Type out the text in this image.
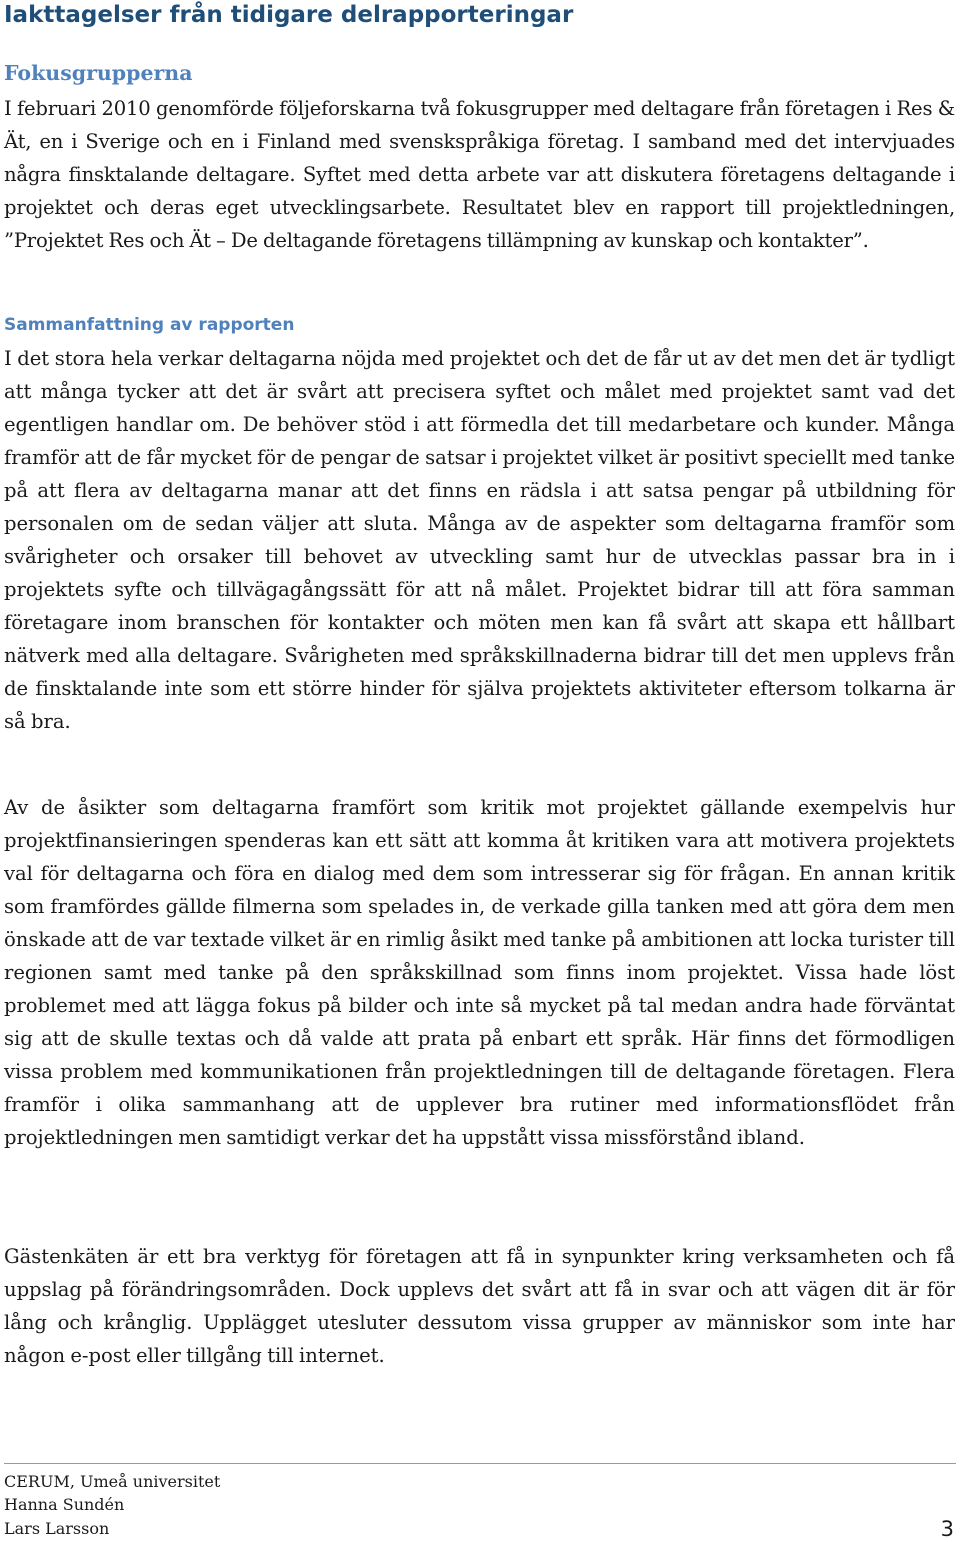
Iakttagelser från tidigare delrapporteringar
Fokusgrupperna

I februari 2010 genomförde följeforskarna två fokusgrupper med deltagare från företagen i Res & Ät, en i Sverige och en i Finland med svenskspråkiga företag. I samband med det intervjuades några finsktalande deltagare. Syftet med detta arbete var att diskutera företagens deltagande i projektet och deras eget utvecklingsarbete. Resultatet blev en rapport till projektledningen, ”Projektet Res och Ät – De deltagande företagens tillämpning av kunskap och kontakter”.

Sammanfattning av rapporten

I det stora hela verkar deltagarna nöjda med projektet och det de får ut av det men det är tydligt att många tycker att det är svårt att precisera syftet och målet med projektet samt vad det egentligen handlar om. De behöver stöd i att förmedla det till medarbetare och kunder. Många framför att de får mycket för de pengar de satsar i projektet vilket är positivt speciellt med tanke på att flera av deltagarna manar att det finns en rädsla i att satsa pengar på utbildning för personalen om de sedan väljer att sluta. Många av de aspekter som deltagarna framför som svårigheter och orsaker till behovet av utveckling samt hur de utvecklas passar bra in i projektets syfte och tillvägagångssätt för att nå målet. Projektet bidrar till att föra samman företagare inom branschen för kontakter och möten men kan få svårt att skapa ett hållbart nätverk med alla deltagare. Svårigheten med språkskillnaderna bidrar till det men upplevs från de finsktalande inte som ett större hinder för själva projektets aktiviteter eftersom tolkarna är så bra.

Av de åsikter som deltagarna framfört som kritik mot projektet gällande exempelvis hur projektfinansieringen spenderas kan ett sätt att komma åt kritiken vara att motivera projektets val för deltagarna och föra en dialog med dem som intresserar sig för frågan. En annan kritik som framfördes gällde filmerna som spelades in, de verkade gilla tanken med att göra dem men önskade att de var textade vilket är en rimlig åsikt med tanke på ambitionen att locka turister till regionen samt med tanke på den språkskillnad som finns inom projektet. Vissa hade löst problemet med att lägga fokus på bilder och inte så mycket på tal medan andra hade förväntat sig att de skulle textas och då valde att prata på enbart ett språk. Här finns det förmodligen vissa problem med kommunikationen från projektledningen till de deltagande företagen. Flera framför i olika sammanhang att de upplever bra rutiner med informationsflödet från projektledningen men samtidigt verkar det ha uppstått vissa missförstånd ibland.

Gästenkäten är ett bra verktyg för företagen att få in synpunkter kring verksamheten och få uppslag på förändringsområden. Dock upplevs det svårt att få in svar och att vägen dit är för lång och krånglig. Upplägget utesluter dessutom vissa grupper av människor som inte har någon e-post eller tillgång till internet.

CERUM, Umeå universitet

Hanna Sundén

Lars Larsson	3
